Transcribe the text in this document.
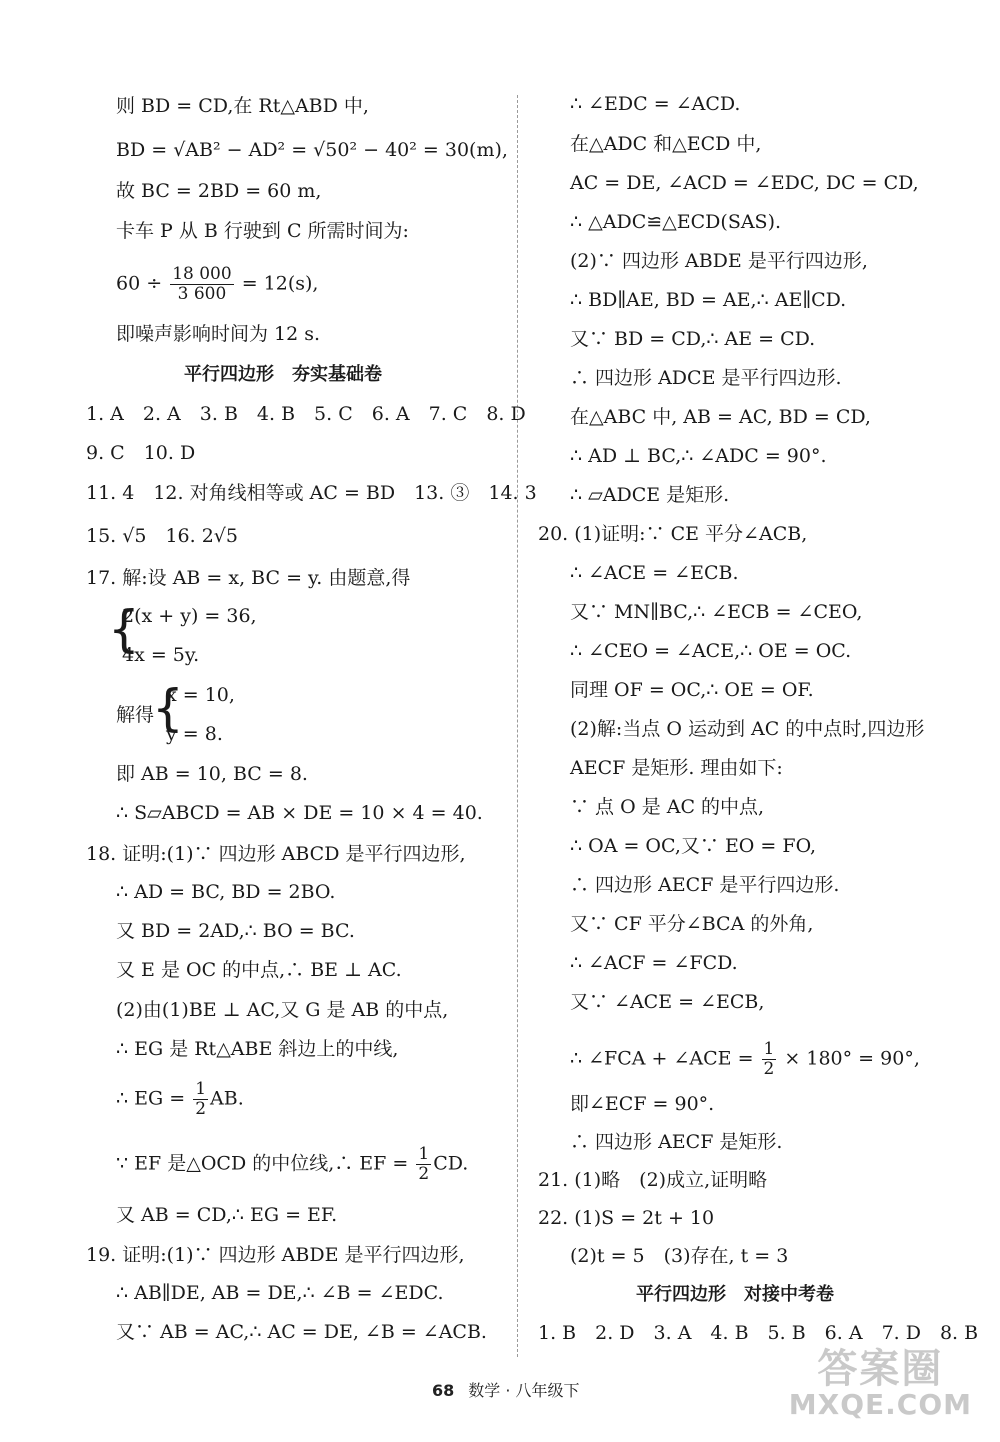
则 BD = CD,在 Rt△ABD 中,
BD = √AB² − AD² = √50² − 40² = 30(m),
故 BC = 2BD = 60 m,
卡车 P 从 B 行驶到 C 所需时间为:
$60 \div \frac{18 000}{3 600} = 12(s)$,
即噪声影响时间为 12 s.
平行四边形　夯实基础卷
1. A　2. A　3. B　4. B　5. C　6. A　7. C　8. D
9. C　10. D
11. 4　12. 对角线相等或 AC = BD　13. ③　14. 3
15. √5　16. 2√5
17. 解:设 AB = x, BC = y. 由题意,得
{
2(x + y) = 36,
4x = 5y.
解得
{
x = 10,
y = 8.
即 AB = 10, BC = 8.
∴ S▱ABCD = AB × DE = 10 × 4 = 40.
18. 证明:(1)∵ 四边形 ABCD 是平行四边形,
∴ AD = BC, BD = 2BO.
又 BD = 2AD,∴ BO = BC.
又 E 是 OC 的中点,∴ BE ⊥ AC.
(2)由(1)BE ⊥ AC,又 G 是 AB 的中点,
∴ EG 是 Rt△ABE 斜边上的中线,
∴ EG = $\frac{1}{2}$ AB.
∵ EF 是△OCD 的中位线,∴ EF = $\frac{1}{2}$ CD.
又 AB = CD,∴ EG = EF.
19. 证明:(1)∵ 四边形 ABDE 是平行四边形,
∴ AB∥DE, AB = DE,∴ ∠B = ∠EDC.
又∵ AB = AC,∴ AC = DE, ∠B = ∠ACB.
∴ ∠EDC = ∠ACD.
在△ADC 和△ECD 中,
AC = DE, ∠ACD = ∠EDC, DC = CD,
∴ △ADC≌△ECD(SAS).
(2)∵ 四边形 ABDE 是平行四边形,
∴ BD∥AE, BD = AE,∴ AE∥CD.
又∵ BD = CD,∴ AE = CD.
∴ 四边形 ADCE 是平行四边形.
在△ABC 中, AB = AC, BD = CD,
∴ AD ⊥ BC,∴ ∠ADC = 90°.
∴ ▱ADCE 是矩形.
20. (1)证明:∵ CE 平分∠ACB,
∴ ∠ACE = ∠ECB.
又∵ MN∥BC,∴ ∠ECB = ∠CEO,
∴ ∠CEO = ∠ACE,∴ OE = OC.
同理 OF = OC,∴ OE = OF.
(2)解:当点 O 运动到 AC 的中点时,四边形
AECF 是矩形. 理由如下:
∵ 点 O 是 AC 的中点,
∴ OA = OC,又∵ EO = FO,
∴ 四边形 AECF 是平行四边形.
又∵ CF 平分∠BCA 的外角,
∴ ∠ACF = ∠FCD.
又∵ ∠ACE = ∠ECB,
∴ ∠FCA + ∠ACE = $\frac{1}{2} \times 180^\circ = 90^\circ$,
即∠ECF = 90°.
∴ 四边形 AECF 是矩形.
21. (1)略　(2)成立,证明略
22. (1)S = 2t + 10
(2)t = 5　(3)存在, t = 3
平行四边形　对接中考卷
1. B　2. D　3. A　4. B　5. B　6. A　7. D　8. B
68 数学 · 八年级下	答案圈
MXQE.COM
